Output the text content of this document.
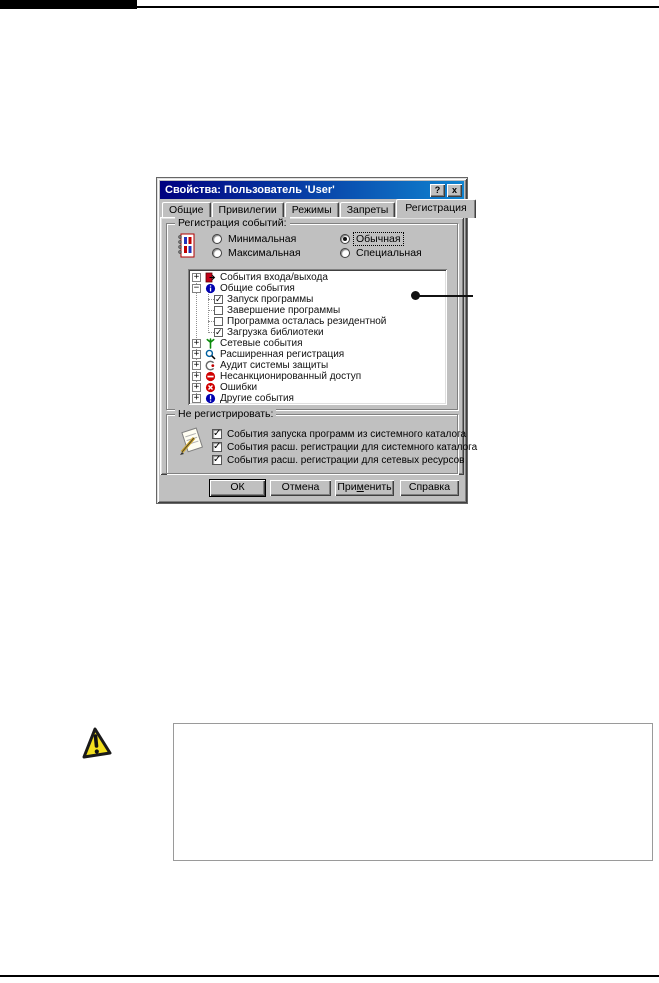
Свойства: Пользователь 'User'	?	x
Общие	Привилегии	Режимы	Запреты	Регистрация
Регистрация событий:
Минимальная
Максимальная
Обычная
Специальная
+ События входа/выхода
− Общие события
✓
Запуск программы
Завершение программы
Программа осталась резидентной
✓
Загрузка библиотеки
+ Сетевые события
+ Расширенная регистрация
+ Аудит системы защиты
+ Несанкционированный доступ
+ Ошибки
+ Другие события
Не регистрировать:
✓
События запуска программ из системного каталога
✓
События расш. регистрации для системного каталога
✓
События расш. регистрации для сетевых ресурсов
ОК	Отмена	Применить	Справка
